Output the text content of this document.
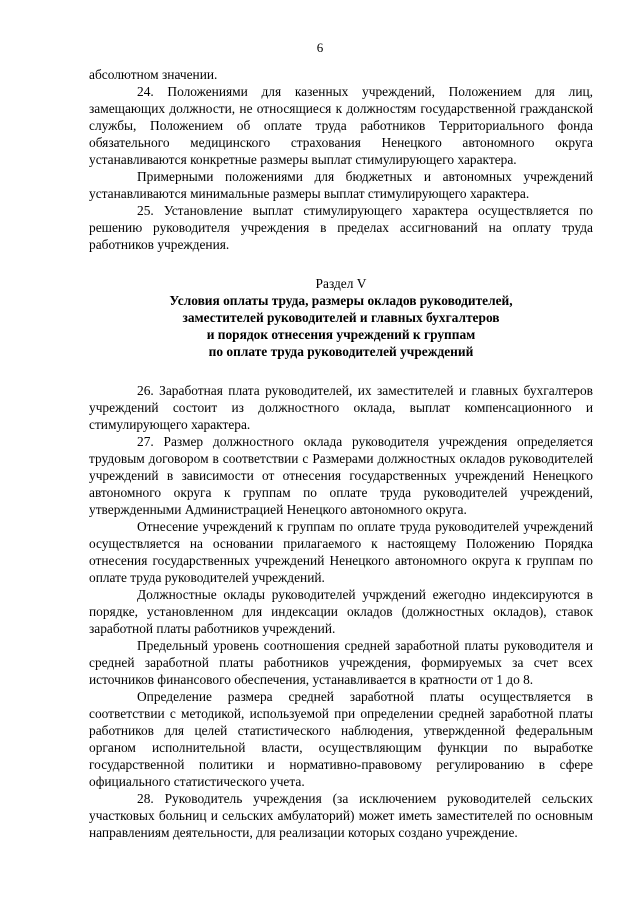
6

абсолютном значении.

24. Положениями для казенных учреждений, Положением для лиц, замещающих должности, не относящиеся к должностям государственной гражданской службы, Положением об оплате труда работников Территориального фонда обязательного медицинского страхования Ненецкого автономного округа устанавливаются конкретные размеры выплат стимулирующего характера.

Примерными положениями для бюджетных и автономных учреждений устанавливаются минимальные размеры выплат стимулирующего характера.

25. Установление выплат стимулирующего характера осуществляется по решению руководителя учреждения в пределах ассигнований на оплату труда работников учреждения.

Раздел V

Условия оплаты труда, размеры окладов руководителей,
заместителей руководителей и главных бухгалтеров
и порядок отнесения учреждений к группам
по оплате труда руководителей учреждений

26. Заработная плата руководителей, их заместителей и главных бухгалтеров учреждений состоит из должностного оклада, выплат компенсационного и стимулирующего характера.

27. Размер должностного оклада руководителя учреждения определяется трудовым договором в соответствии с Размерами должностных окладов руководителей учреждений в зависимости от отнесения государственных учреждений Ненецкого автономного округа к группам по оплате труда руководителей учреждений, утвержденными Администрацией Ненецкого автономного округа.

Отнесение учреждений к группам по оплате труда руководителей учреждений осуществляется на основании прилагаемого к настоящему Положению Порядка отнесения государственных учреждений Ненецкого автономного округа к группам по оплате труда руководителей учреждений.

Должностные оклады руководителей учрждений ежегодно индексируются в порядке, установленном для индексации окладов (должностных окладов), ставок заработной платы работников учреждений.

Предельный уровень соотношения средней заработной платы руководителя и средней заработной платы работников учреждения, формируемых за счет всех источников финансового обеспечения, устанавливается в кратности от 1 до 8.

Определение размера средней заработной платы осуществляется в соответствии с методикой, используемой при определении средней заработной платы работников для целей статистического наблюдения, утвержденной федеральным органом исполнительной власти, осуществляющим функции по выработке государственной политики и нормативно-правовому регулированию в сфере официального статистического учета.

28. Руководитель учреждения (за исключением руководителей сельских участковых больниц и сельских амбулаторий) может иметь заместителей по основным направлениям деятельности, для реализации которых создано учреждение.
